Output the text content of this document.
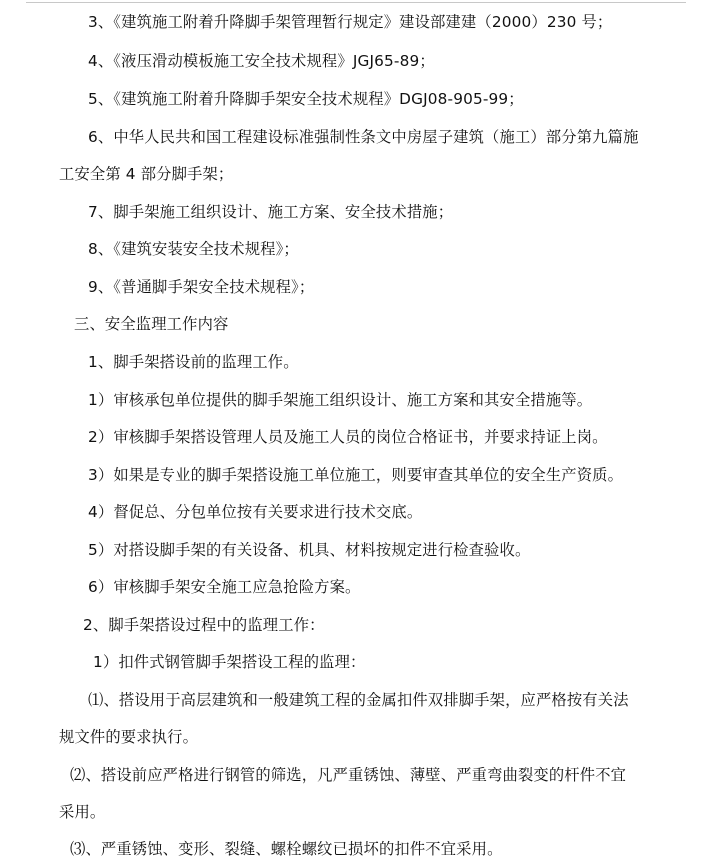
3、《建筑施工附着升降脚手架管理暂行规定》建设部建建（2000）230 号；
4、《液压滑动模板施工安全技术规程》JGJ65-89；
5、《建筑施工附着升降脚手架安全技术规程》DGJ08-905-99；
6、中华人民共和国工程建设标准强制性条文中房屋子建筑（施工）部分第九篇施
工安全第 4 部分脚手架；
7、脚手架施工组织设计、施工方案、安全技术措施；
8、《建筑安装安全技术规程》；
9、《普通脚手架安全技术规程》；
三、安全监理工作内容
1、脚手架搭设前的监理工作。
1）审核承包单位提供的脚手架施工组织设计、施工方案和其安全措施等。
2）审核脚手架搭设管理人员及施工人员的岗位合格证书，并要求持证上岗。
3）如果是专业的脚手架搭设施工单位施工，则要审查其单位的安全生产资质。
4）督促总、分包单位按有关要求进行技术交底。
5）对搭设脚手架的有关设备、机具、材料按规定进行检查验收。
6）审核脚手架安全施工应急抢险方案。
2、脚手架搭设过程中的监理工作：
1）扣件式钢管脚手架搭设工程的监理：
⑴、搭设用于高层建筑和一般建筑工程的金属扣件双排脚手架，应严格按有关法
规文件的要求执行。
⑵、搭设前应严格进行钢管的筛选，凡严重锈蚀、薄壁、严重弯曲裂变的杆件不宜
采用。
⑶、严重锈蚀、变形、裂缝、螺栓螺纹已损坏的扣件不宜采用。
